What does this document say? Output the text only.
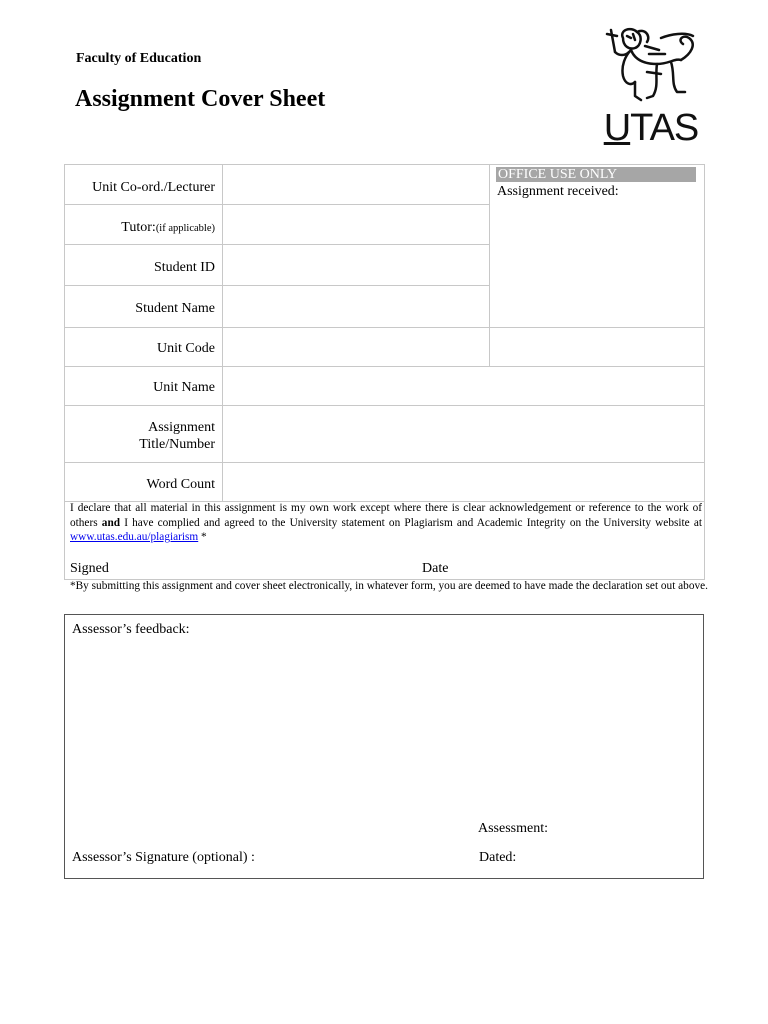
Faculty of Education
Assignment Cover Sheet
UTAS
Unit Co-ord./Lecturer
Tutor:(if applicable)
Student ID
Student Name
Unit Code
Unit Name
Assignment
Title/Number
Word Count
OFFICE USE ONLY
Assignment received:
I declare that all material in this assignment is my own work except where there is clear acknowledgement or reference to the work of others and I have complied and agreed to the University statement on Plagiarism and Academic Integrity on the University website at www.utas.edu.au/plagiarism *
Signed	Date
*By submitting this assignment and cover sheet electronically, in whatever form, you are deemed to have made the declaration set out above.
Assessor’s feedback:
Assessment:
Assessor’s Signature (optional) :	Dated:
